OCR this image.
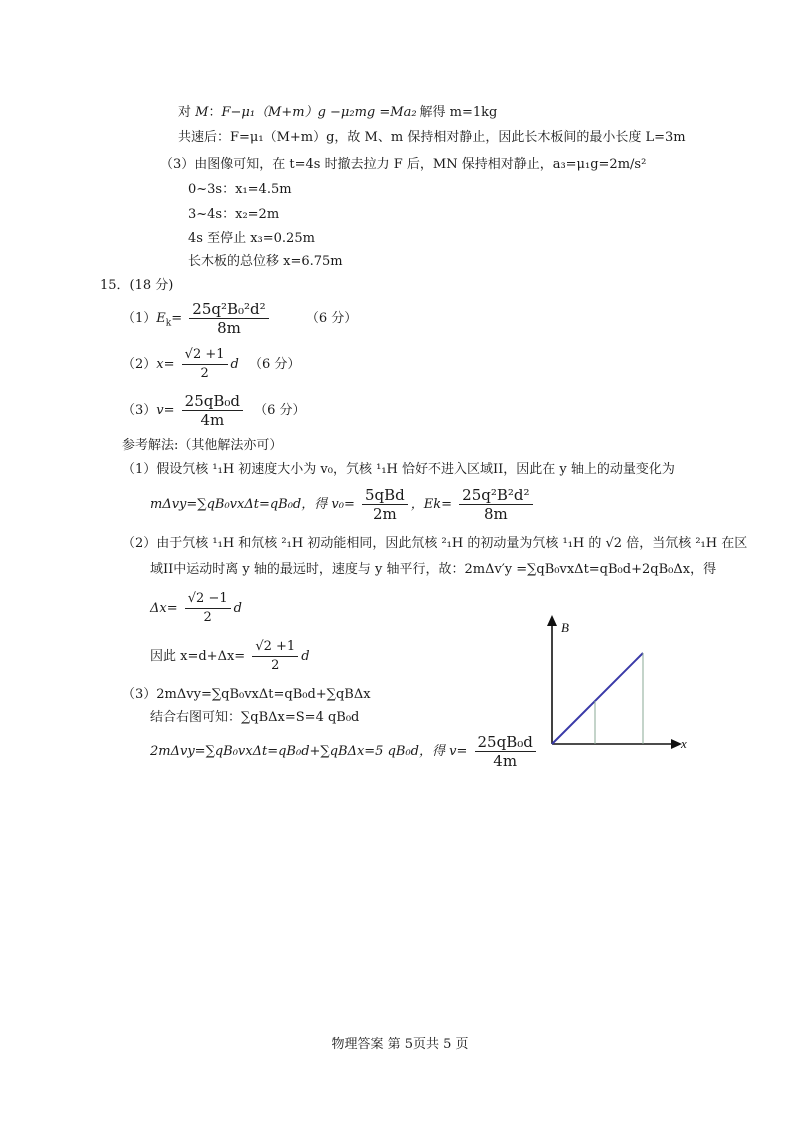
对 M：F−μ₁（M+m）g −μ₂mg =Ma₂ 解得 m=1kg
共速后：F=μ₁（M+m）g，故 M、m 保持相对静止，因此长木板间的最小长度 L=3m
（3）由图像可知，在 t=4s 时撤去拉力 F 后，MN 保持相对静止，a₃=μ₁g=2m/s²
0~3s：x₁=4.5m
3~4s：x₂=2m
4s 至停止 x₃=0.25m
长木板的总位移 x=6.75m
15．(18 分)
$(1)E_k= \frac{\text{25q²B₀²d²}}{8m}$	（6 分）
$(2)x= \frac{√2 +1}{2}$ d （6 分）
$(3)v= \frac{\text{25qB₀d}}{4m} (6$ 分）
参考解法:（其他解法亦可）
（1）假设氕核 ¹₁H 初速度大小为 v₀，氕核 ¹₁H 恰好不进入区域II，因此在 y 轴上的动量变化为
mΔvy=∑qB₀vxΔt=qB₀d，得 $v_0= \frac{\text{5qBd}}{2m}$ ，$Ek= \frac{\text{25q²B²d²}}{8m}$
（2）由于氕核 ¹₁H 和氘核 ²₁H 初动能相同，因此氘核 ²₁H 的初动量为氕核 ¹₁H 的 √2 倍，当氘核 ²₁H 在区
域II中运动时离 y 轴的最远时，速度与 y 轴平行，故：2mΔv′y =∑qB₀vxΔt=qB₀d+2qB₀Δx，得
$\Delta x= \frac{√2 -1}{2}$ d
因此 $x=d+\Delta x= \frac{√2 +1}{2}$ d
（3）2mΔvy=∑qB₀vxΔt=qB₀d+∑qBΔx
结合右图可知：∑qBΔx=S=4 qB₀d
2mΔvy=∑qB₀vxΔt=qB₀d+∑qBΔx=5 qB₀d，得 $v= \frac{\text{25qB₀d}}{4m}$
B
x
物理答案 第 5页共 5 页
